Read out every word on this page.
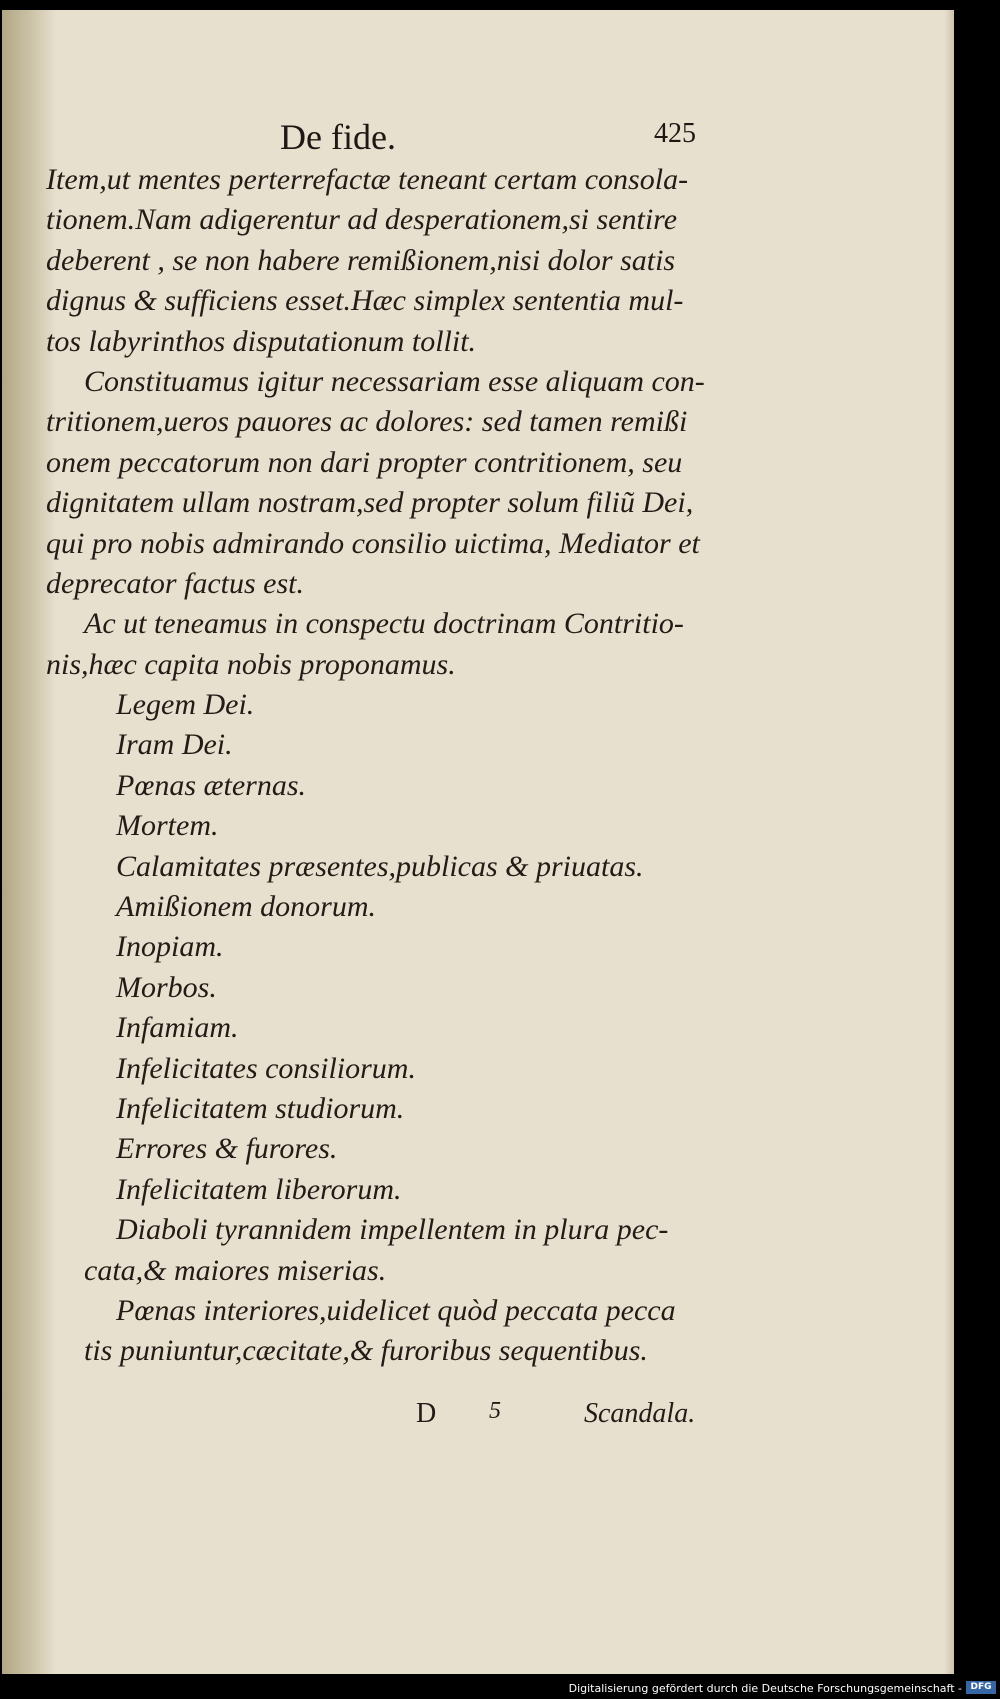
De fide.	425
Item,ut mentes perterrefactæ teneant certam consola-
tionem.Nam adigerentur ad desperationem,si sentire
deberent , se non habere remißionem,nisi dolor satis
dignus & sufficiens esset.Hæc simplex sententia mul-
tos labyrinthos disputationum tollit.
Constituamus igitur necessariam esse aliquam con-
tritionem,ueros pauores ac dolores: sed tamen remißi
onem peccatorum non dari propter contritionem, seu
dignitatem ullam nostram,sed propter solum filiũ Dei,
qui pro nobis admirando consilio uictima, Mediator et
deprecator factus est.
Ac ut teneamus in conspectu doctrinam Contritio-
nis,hæc capita nobis proponamus.
Legem Dei.
Iram Dei.
Pœnas æternas.
Mortem.
Calamitates præsentes,publicas & priuatas.
Amißionem donorum.
Inopiam.
Morbos.
Infamiam.
Infelicitates consiliorum.
Infelicitatem studiorum.
Errores & furores.
Infelicitatem liberorum.
Diaboli tyrannidem impellentem in plura pec-
cata,& maiores miserias.
Pœnas interiores,uidelicet quòd peccata pecca
tis puniuntur,cæcitate,& furoribus sequentibus.
D 5	Scandala.
Digitalisierung gefördert durch die Deutsche Forschungsgemeinschaft - DFG
